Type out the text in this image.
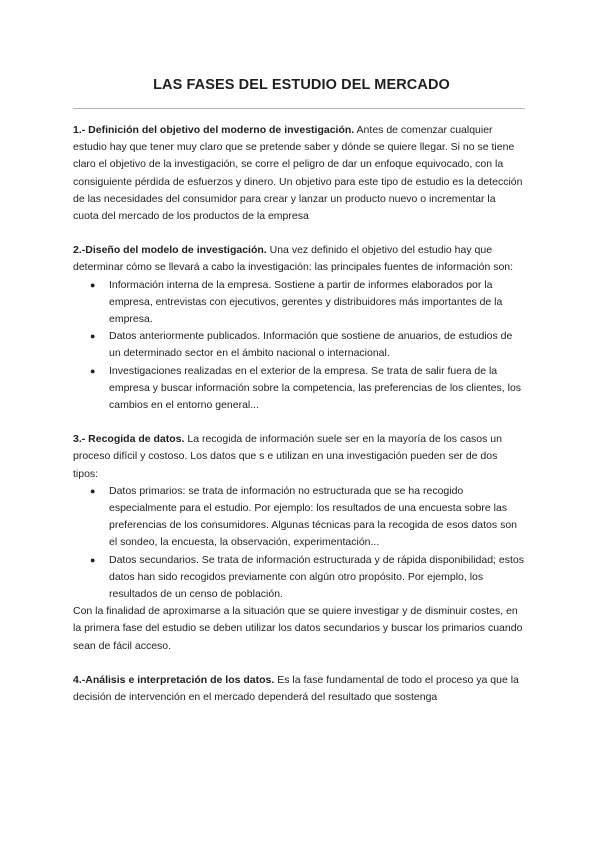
LAS FASES DEL ESTUDIO DEL MERCADO

1.- Definición del objetivo del moderno de investigación. Antes de comenzar cualquier estudio hay que tener muy claro que se pretende saber y dónde se quiere llegar. Si no se tiene claro el objetivo de la investigación, se corre el peligro de dar un enfoque equivocado, con la consiguiente pérdida de esfuerzos y dinero. Un objetivo para este tipo de estudio es la detección de las necesidades del consumidor para crear y lanzar un producto nuevo o incrementar la cuota del mercado de los productos de la empresa

2.-Diseño del modelo de investigación. Una vez definido el objetivo del estudio hay que determinar cómo se llevará a cabo la investigación: las principales fuentes de información son:

● Información interna de la empresa. Sostiene a partir de informes elaborados por la empresa, entrevistas con ejecutivos, gerentes y distribuidores más importantes de la empresa.
● Datos anteriormente publicados. Información que sostiene de anuarios, de estudios de un determinado sector en el ámbito nacional o internacional.
● Investigaciones realizadas en el exterior de la empresa. Se trata de salir fuera de la empresa y buscar información sobre la competencia, las preferencias de los clientes, los cambios en el entorno general...

3.- Recogida de datos. La recogida de información suele ser en la mayoría de los casos un proceso difícil y costoso. Los datos que s e utilizan en una investigación pueden ser de dos tipos:

● Datos primarios: se trata de información no estructurada que se ha recogido especialmente para el estudio. Por ejemplo: los resultados de una encuesta sobre las preferencias de los consumidores. Algunas técnicas para la recogida de esos datos son el sondeo, la encuesta, la observación, experimentación...
● Datos secundarios. Se trata de información estructurada y de rápida disponibilidad; estos datos han sido recogidos previamente con algún otro propósito. Por ejemplo, los resultados de un censo de población.

Con la finalidad de aproximarse a la situación que se quiere investigar y de disminuir costes, en la primera fase del estudio se deben utilizar los datos secundarios y buscar los primarios cuando sean de fácil acceso.

4.-Análisis e interpretación de los datos. Es la fase fundamental de todo el proceso ya que la decisión de intervención en el mercado dependerá del resultado que sostenga
